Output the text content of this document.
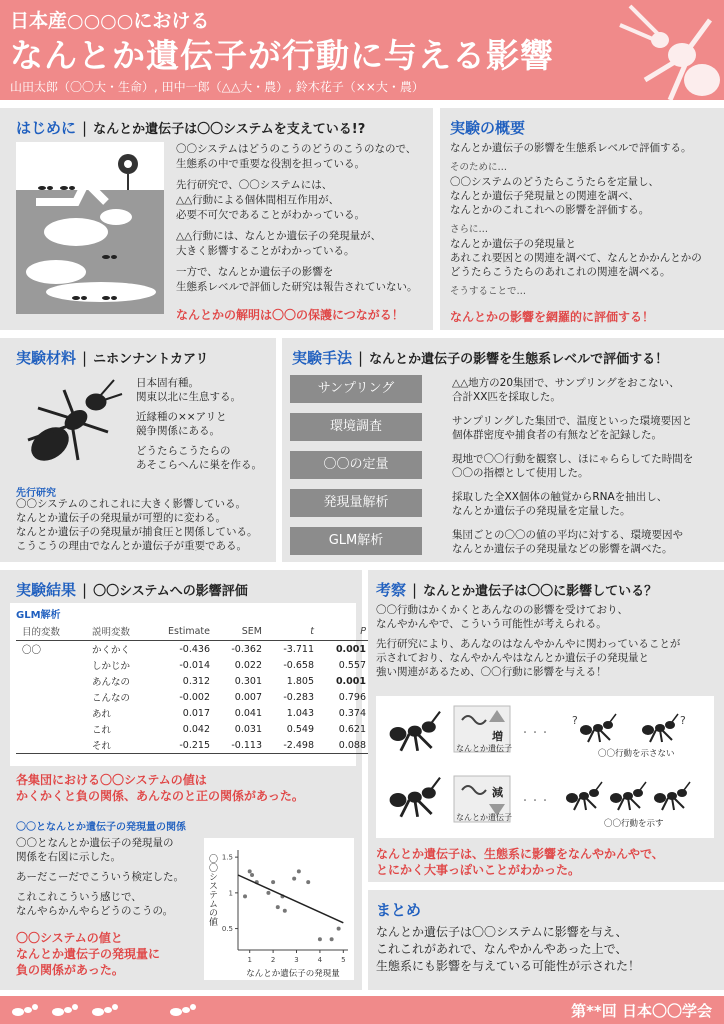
日本産○○○○における
なんとか遺伝子が行動に与える影響
山田太郎（〇〇大・生命）, 田中一郎（△△大・農）, 鈴木花子（××大・農）
はじめに | なんとか遺伝子は〇〇システムを支えている!?

〇〇システムはどうのこうのどうのこうのなので、
生態系の中で重要な役割を担っている。

先行研究で、〇〇システムには、
△△行動による個体間相互作用が、
必要不可欠であることがわかっている。

△△行動には、なんとか遺伝子の発現量が、
大きく影響することがわかっている。

一方で、なんとか遺伝子の影響を
生態系レベルで評価した研究は報告されていない。

なんとかの解明は〇〇の保護につながる！
実験の概要

なんとか遺伝子の影響を生態系レベルで評価する。

そのために…

〇〇システムのどうたらこうたらを定量し、
なんとか遺伝子発現量との関連を調べ、
なんとかのこれこれへの影響を評価する。

さらに…

なんとか遺伝子の発現量と
あれこれ要因との関連を調べて、なんとかかんとかの
どうたらこうたらのあれこれの関連を調べる。

そうすることで…
なんとかの影響を網羅的に評価する！
実験材料 | ニホンナントカアリ

日本固有種。
関東以北に生息する。

近縁種の××アリと
競争関係にある。

どうたらこうたらの
あそこらへんに巣を作る。

先行研究
〇〇システムのこれこれに大きく影響している。
なんとか遺伝子の発現量が可塑的に変わる。
なんとか遺伝子の発現量が捕食圧と関係している。
こうこうの理由でなんとか遺伝子が重要である。
実験手法 | なんとか遺伝子の影響を生態系レベルで評価する！
サンプリング	△△地方の20集団で、サンプリングをおこない、
合計XX匹を採取した。
環境調査	サンプリングした集団で、温度といった環境要因と
個体群密度や捕食者の有無などを記録した。
〇〇の定量	現地で〇〇行動を観察し、ほにゃららしてた時間を
〇〇の指標として使用した。
発現量解析	採取した全XX個体の触覚からRNAを抽出し、
なんとか遺伝子の発現量を定量した。
GLM解析	集団ごとの〇〇の値の平均に対する、環境要因や
なんとか遺伝子の発現量などの影響を調べた。
実験結果 | 〇〇システムへの影響評価
GLM解析
目的変数	説明変数	Estimate	SEM	t	P
〇〇	かくかく	-0.436	-0.362	-3.711	0.001
	しかじか	-0.014	0.022	-0.658	0.557
	あんなの	0.312	0.301	1.805	0.001
	こんなの	-0.002	0.007	-0.283	0.796
	あれ	0.017	0.041	1.043	0.374
	これ	0.042	0.031	0.549	0.621
	それ	-0.215	-0.113	-2.498	0.088
各集団における〇〇システムの値は
かくかくと負の関係、あんなのと正の関係があった。
〇〇となんとか遺伝子の発現量の関係

〇〇となんとか遺伝子の発現量の
関係を右図に示した。

あーだこーだでこういう検定した。

これこれこういう感じで、
なんやらかんやらどうのこうの。

〇〇システムの値と
なんとか遺伝子の発現量に
負の関係があった。
1	2	3	4	5
0.5
1
1.5
なんとか遺伝子の発現量
〇〇システムの値
考察 | なんとか遺伝子は〇〇に影響している？

〇〇行動はかくかくとあんなのの影響を受けており、
なんやかんやで、こういう可能性が考えられる。

先行研究により、あんなのはなんやかんやに関わっていることが
示されており、なんやかんやはなんとか遺伝子の発現量と
強い関連があるため、〇〇行動に影響を与える！

増
減
なんとか遺伝子
なんとか遺伝子
・・・
・・・
?	?
〇〇行動を示さない
〇〇行動を示す
なんとか遺伝子は、生態系に影響をなんやかんやで、
とにかく大事っぽいことがわかった。
まとめ
なんとか遺伝子は〇〇システムに影響を与え、
これこれがあれで、なんやかんやあった上で、
生態系にも影響を与えている可能性が示された！
第**回 日本〇〇学会
